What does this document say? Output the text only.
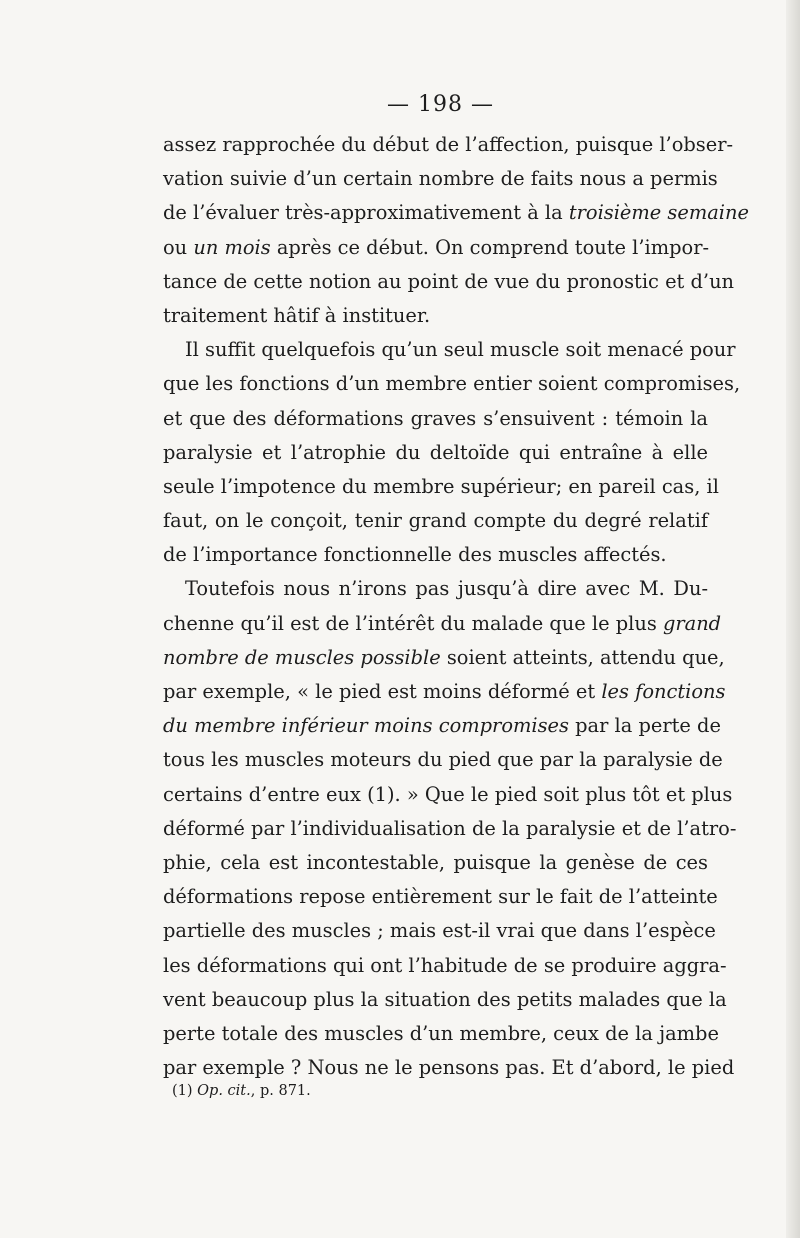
— 198 —
assez rapprochée du début de l’affection, puisque l’obser-
vation suivie d’un certain nombre de faits nous a permis
de l’évaluer très-approximativement à la troisième semaine
ou un mois après ce début. On comprend toute l’impor-
tance de cette notion au point de vue du pronostic et d’un
traitement hâtif à instituer.
Il suffit quelquefois qu’un seul muscle soit menacé pour
que les fonctions d’un membre entier soient compromises,
et que des déformations graves s’ensuivent : témoin la
paralysie et l’atrophie du deltoïde qui entraîne à elle
seule l’impotence du membre supérieur; en pareil cas, il
faut, on le conçoit, tenir grand compte du degré relatif
de l’importance fonctionnelle des muscles affectés.
Toutefois nous n’irons pas jusqu’à dire avec M. Du-
chenne qu’il est de l’intérêt du malade que le plus grand
nombre de muscles possible soient atteints, attendu que,
par exemple, « le pied est moins déformé et les fonctions
du membre inférieur moins compromises par la perte de
tous les muscles moteurs du pied que par la paralysie de
certains d’entre eux (1). » Que le pied soit plus tôt et plus
déformé par l’individualisation de la paralysie et de l’atro-
phie, cela est incontestable, puisque la genèse de ces
déformations repose entièrement sur le fait de l’atteinte
partielle des muscles ; mais est-il vrai que dans l’espèce
les déformations qui ont l’habitude de se produire aggra-
vent beaucoup plus la situation des petits malades que la
perte totale des muscles d’un membre, ceux de la jambe
par exemple ? Nous ne le pensons pas. Et d’abord, le pied
(1) Op. cit., p. 871.
